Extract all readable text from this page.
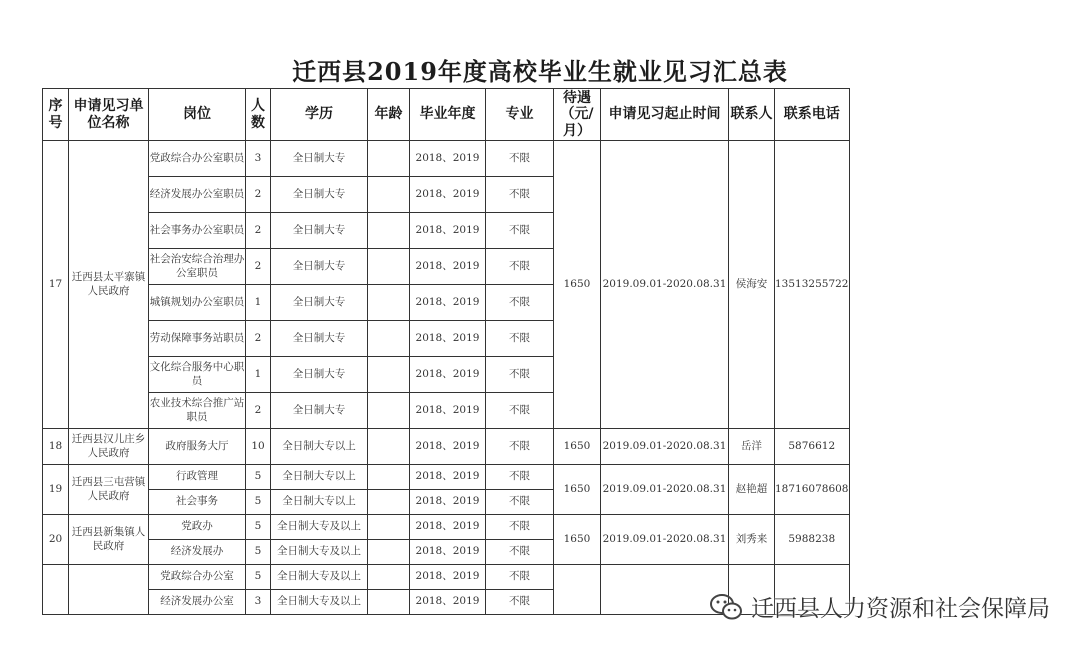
迁西县2019年度高校毕业生就业见习汇总表
序号	申请见习单位名称	岗位	人数	学历	年龄	毕业年度	专业	待遇（元/月）	申请见习起止时间	联系人	联系电话
17	迁西县太平寨镇人民政府	党政综合办公室职员	3	全日制大专		2018、2019	不限	1650	2019.09.01-2020.08.31	侯海安	13513255722
		经济发展办公室职员	2	全日制大专		2018、2019	不限				
		社会事务办公室职员	2	全日制大专		2018、2019	不限				
		社会治安综合治理办公室职员	2	全日制大专		2018、2019	不限				
		城镇规划办公室职员	1	全日制大专		2018、2019	不限				
		劳动保障事务站职员	2	全日制大专		2018、2019	不限				
		文化综合服务中心职员	1	全日制大专		2018、2019	不限				
		农业技术综合推广站职员	2	全日制大专		2018、2019	不限				
18	迁西县汉儿庄乡人民政府	政府服务大厅	10	全日制大专以上		2018、2019	不限	1650	2019.09.01-2020.08.31	岳洋	5876612
19	迁西县三屯营镇人民政府	行政管理	5	全日制大专以上		2018、2019	不限	1650	2019.09.01-2020.08.31	赵艳超	18716078608
		社会事务	5	全日制大专以上		2018、2019	不限				
20	迁西县新集镇人民政府	党政办	5	全日制大专及以上		2018、2019	不限	1650	2019.09.01-2020.08.31	刘秀来	5988238
		经济发展办	5	全日制大专及以上		2018、2019	不限				
		党政综合办公室	5	全日制大专及以上		2018、2019	不限				
		经济发展办公室	3	全日制大专及以上		2018、2019	不限					迁西县人力资源和社会保障局
